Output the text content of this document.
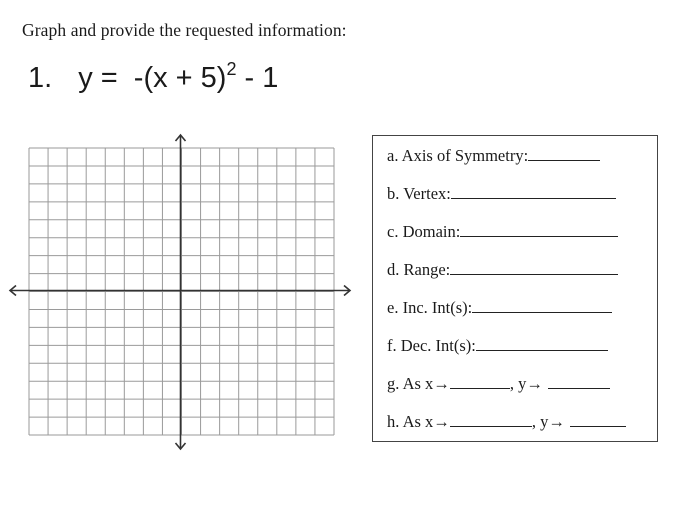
Graph and provide the requested information:
1. $y = -(x + 5)^2 - 1$
a. Axis of Symmetry:
b. Vertex:
c. Domain:
d. Range:
e. Inc. Int(s):
f. Dec. Int(s):
g. As x→	, y→
h. As x→	, y→
